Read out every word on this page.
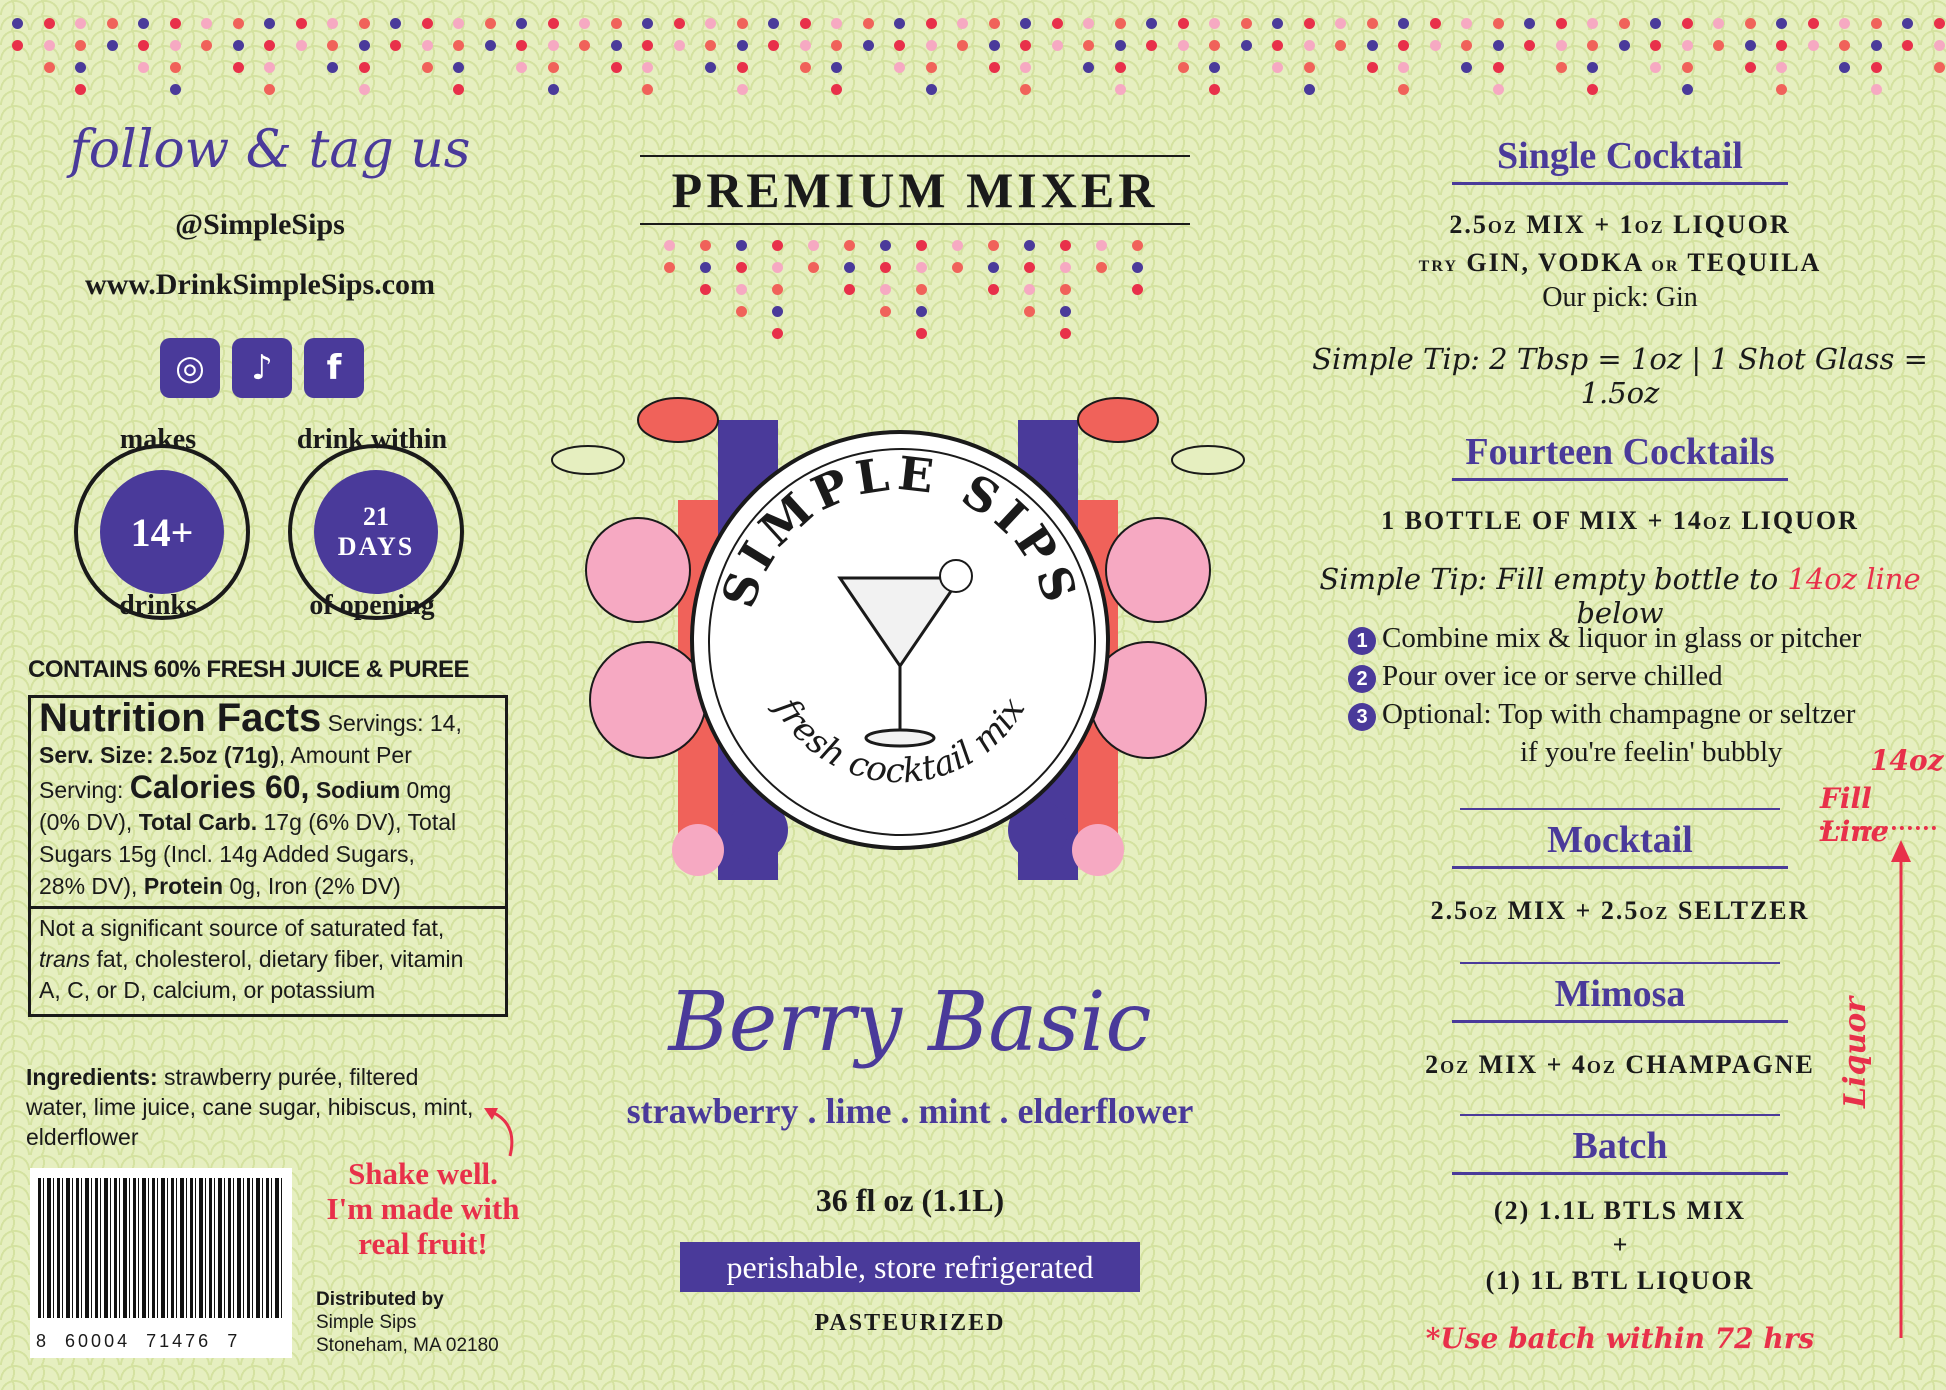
follow & tag us
@SimpleSips
www.DrinkSimpleSips.com
◎	♪	f
makes
14+
drinks
drink within
21
DAYS
of opening
CONTAINS 60% FRESH JUICE & PUREE
Nutrition Facts Servings: 14,
Serv. Size: 2.5oz (71g), Amount Per
Serving: Calories 60, Sodium 0mg
(0% DV), Total Carb. 17g (6% DV), Total
Sugars 15g (Incl. 14g Added Sugars,
28% DV), Protein 0g, Iron (2% DV)
Not a significant source of saturated fat,
trans fat, cholesterol, dietary fiber, vitamin
A, C, or D, calcium, or potassium
Ingredients: strawberry purée, filtered water, lime juice, cane sugar, hibiscus, mint, elderflower
8 60004 71476 7
Shake well.
I'm made with
real fruit!
Distributed by
Simple Sips
Stoneham, MA 02180
PREMIUM MIXER
SIMPLE SIPS
fresh cocktail mix
Berry Basic
strawberry . lime . mint . elderflower
36 fl oz (1.1L)
perishable, store refrigerated
PASTEURIZED
Single Cocktail
2.5oz MIX + 1oz LIQUOR
TRY GIN, VODKA OR TEQUILA
Our pick: Gin
Simple Tip: 2 Tbsp = 1oz | 1 Shot Glass = 1.5oz
Fourteen Cocktails
1 BOTTLE OF MIX + 14oz LIQUOR
Simple Tip: Fill empty bottle to 14oz line below
1 Combine mix & liquor in glass or pitcher
2 Pour over ice or serve chilled
3 Optional: Top with champagne or seltzer
if you're feelin' bubbly
Mocktail
2.5oz MIX + 2.5oz SELTZER
Mimosa
2oz MIX + 4oz CHAMPAGNE
Batch
(2) 1.1L BTLS MIX
+
(1) 1L BTL LIQUOR
*Use batch within 72 hrs
14oz
Fill Line
Liquor
